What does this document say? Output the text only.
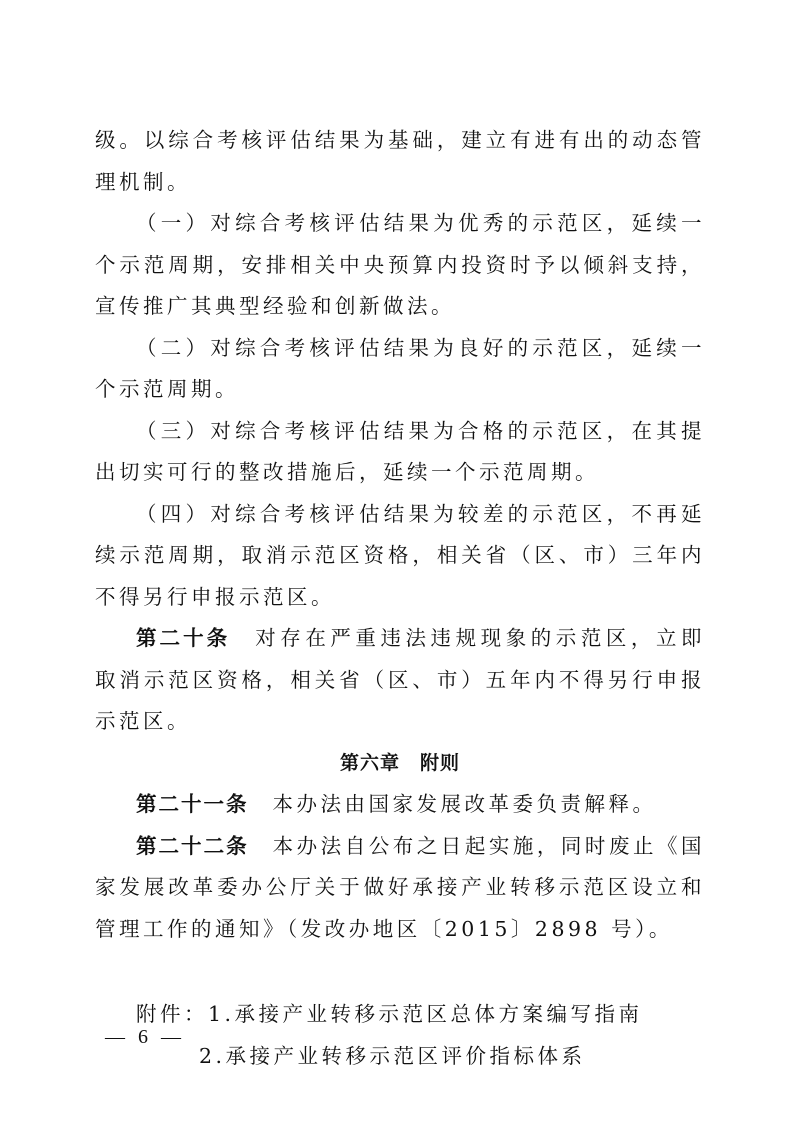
级。以综合考核评估结果为基础，建立有进有出的动态管理机制。

（一）对综合考核评估结果为优秀的示范区，延续一个示范周期，安排相关中央预算内投资时予以倾斜支持，宣传推广其典型经验和创新做法。

（二）对综合考核评估结果为良好的示范区，延续一个示范周期。

（三）对综合考核评估结果为合格的示范区，在其提出切实可行的整改措施后，延续一个示范周期。

（四）对综合考核评估结果为较差的示范区，不再延续示范周期，取消示范区资格，相关省（区、市）三年内不得另行申报示范区。

第二十条　 对存在严重违法违规现象的示范区，立即取消示范区资格，相关省（区、市）五年内不得另行申报示范区。

第六章　附则

第二十一条　 本办法由国家发展改革委负责解释。

第二十二条　 本办法自公布之日起实施，同时废止《国家发展改革委办公厅关于做好承接产业转移示范区设立和管理工作的通知》（发改办地区〔2015〕2898 号）。

附件：1.承接产业转移示范区总体方案编写指南

2.承接产业转移示范区评价指标体系

— 6 —
